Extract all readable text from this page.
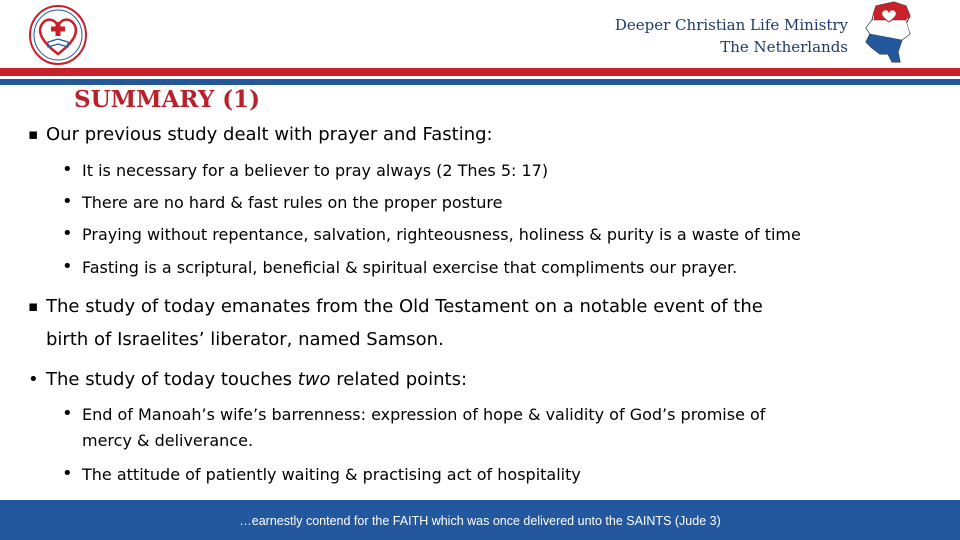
Deeper Christian Life Ministry
The Netherlands
SUMMARY (1)
▪ Our previous study dealt with prayer and Fasting:
• It is necessary for a believer to pray always (2 Thes 5: 17)
• There are no hard & fast rules on the proper posture
• Praying without repentance, salvation, righteousness, holiness & purity is a waste of time
• Fasting is a scriptural, beneficial & spiritual exercise that compliments our prayer.
▪ The study of today emanates from the Old Testament on a notable event of the
birth of Israelites’ liberator, named Samson.
• The study of today touches two related points:
• End of Manoah’s wife’s barrenness: expression of hope & validity of God’s promise of
mercy & deliverance.
• The attitude of patiently waiting & practising act of hospitality
…earnestly contend for the FAITH which was once delivered unto the SAINTS (Jude 3)
